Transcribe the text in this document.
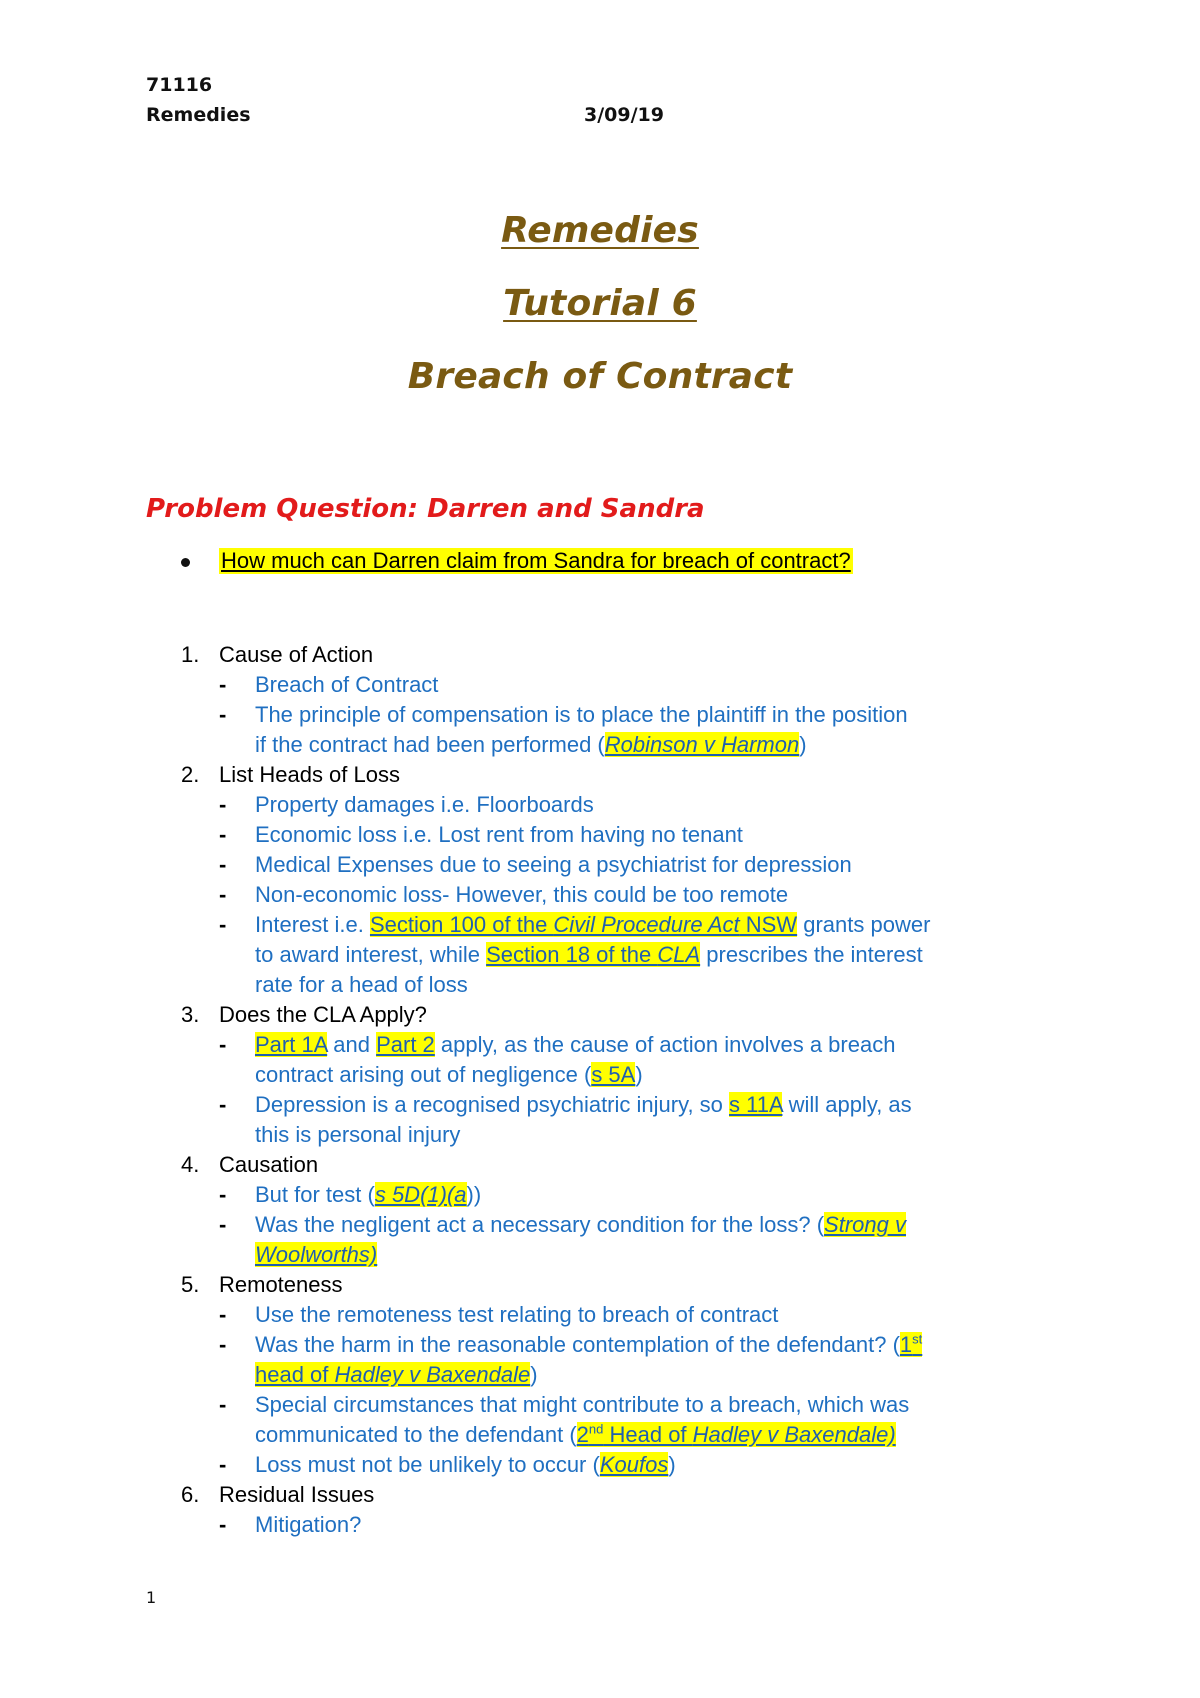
71116
Remedies	3/09/19
Remedies
Tutorial 6
Breach of Contract
Problem Question: Darren and Sandra
How much can Darren claim from Sandra for breach of contract?
1. Cause of Action
- Breach of Contract
- The principle of compensation is to place the plaintiff in the position
if the contract had been performed (Robinson v Harmon)
2. List Heads of Loss
- Property damages i.e. Floorboards
- Economic loss i.e. Lost rent from having no tenant
- Medical Expenses due to seeing a psychiatrist for depression
- Non-economic loss- However, this could be too remote
- Interest i.e. Section 100 of the Civil Procedure Act NSW grants power
to award interest, while Section 18 of the CLA prescribes the interest
rate for a head of loss
3. Does the CLA Apply?
- Part 1A and Part 2 apply, as the cause of action involves a breach
contract arising out of negligence (s 5A)
- Depression is a recognised psychiatric injury, so s 11A will apply, as
this is personal injury
4. Causation
- But for test (s 5D(1)(a))
- Was the negligent act a necessary condition for the loss? (Strong v
Woolworths)
5. Remoteness
- Use the remoteness test relating to breach of contract
- Was the harm in the reasonable contemplation of the defendant? (1st
head of Hadley v Baxendale)
- Special circumstances that might contribute to a breach, which was
communicated to the defendant (2nd Head of Hadley v Baxendale)
- Loss must not be unlikely to occur (Koufos)
6. Residual Issues
- Mitigation?
1
